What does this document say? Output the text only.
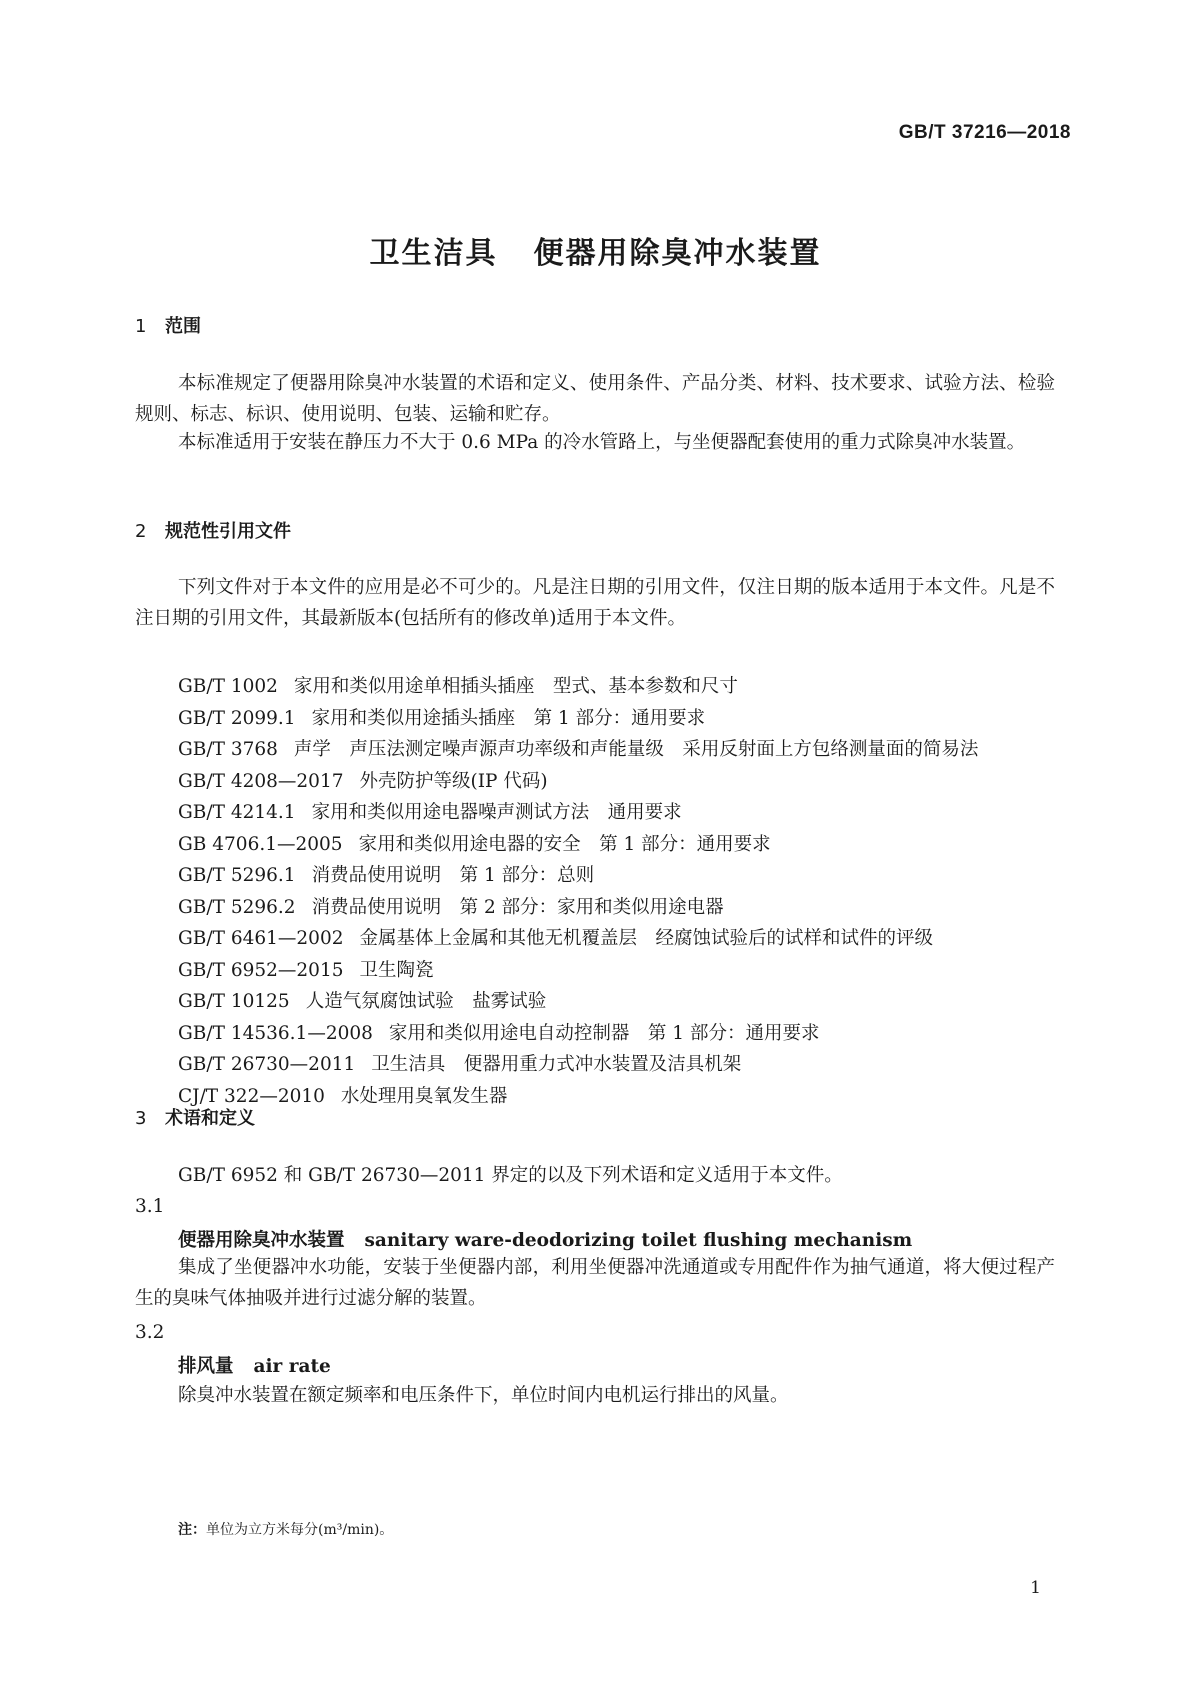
GB/T 37216—2018
卫生洁具 便器用除臭冲水装置
1 范围
本标准规定了便器用除臭冲水装置的术语和定义、使用条件、产品分类、材料、技术要求、试验方法、检验规则、标志、标识、使用说明、包装、运输和贮存。
本标准适用于安装在静压力不大于 0.6 MPa 的冷水管路上，与坐便器配套使用的重力式除臭冲水装置。
2 规范性引用文件
下列文件对于本文件的应用是必不可少的。凡是注日期的引用文件，仅注日期的版本适用于本文件。凡是不注日期的引用文件，其最新版本(包括所有的修改单)适用于本文件。
GB/T 1002 家用和类似用途单相插头插座　型式、基本参数和尺寸
GB/T 2099.1 家用和类似用途插头插座　第 1 部分：通用要求
GB/T 3768 声学　声压法测定噪声源声功率级和声能量级　采用反射面上方包络测量面的简易法
GB/T 4208—2017 外壳防护等级(IP 代码)
GB/T 4214.1 家用和类似用途电器噪声测试方法　通用要求
GB 4706.1—2005 家用和类似用途电器的安全　第 1 部分：通用要求
GB/T 5296.1 消费品使用说明　第 1 部分：总则
GB/T 5296.2 消费品使用说明　第 2 部分：家用和类似用途电器
GB/T 6461—2002 金属基体上金属和其他无机覆盖层　经腐蚀试验后的试样和试件的评级
GB/T 6952—2015 卫生陶瓷
GB/T 10125 人造气氛腐蚀试验　盐雾试验
GB/T 14536.1—2008 家用和类似用途电自动控制器　第 1 部分：通用要求
GB/T 26730—2011 卫生洁具　便器用重力式冲水装置及洁具机架
CJ/T 322—2010 水处理用臭氧发生器
3 术语和定义
GB/T 6952 和 GB/T 26730—2011 界定的以及下列术语和定义适用于本文件。
3.1
便器用除臭冲水装置 sanitary ware-deodorizing toilet flushing mechanism
集成了坐便器冲水功能，安装于坐便器内部，利用坐便器冲洗通道或专用配件作为抽气通道，将大便过程产生的臭味气体抽吸并进行过滤分解的装置。
3.2
排风量 air rate
除臭冲水装置在额定频率和电压条件下，单位时间内电机运行排出的风量。
注：单位为立方米每分(m³/min)。
1
